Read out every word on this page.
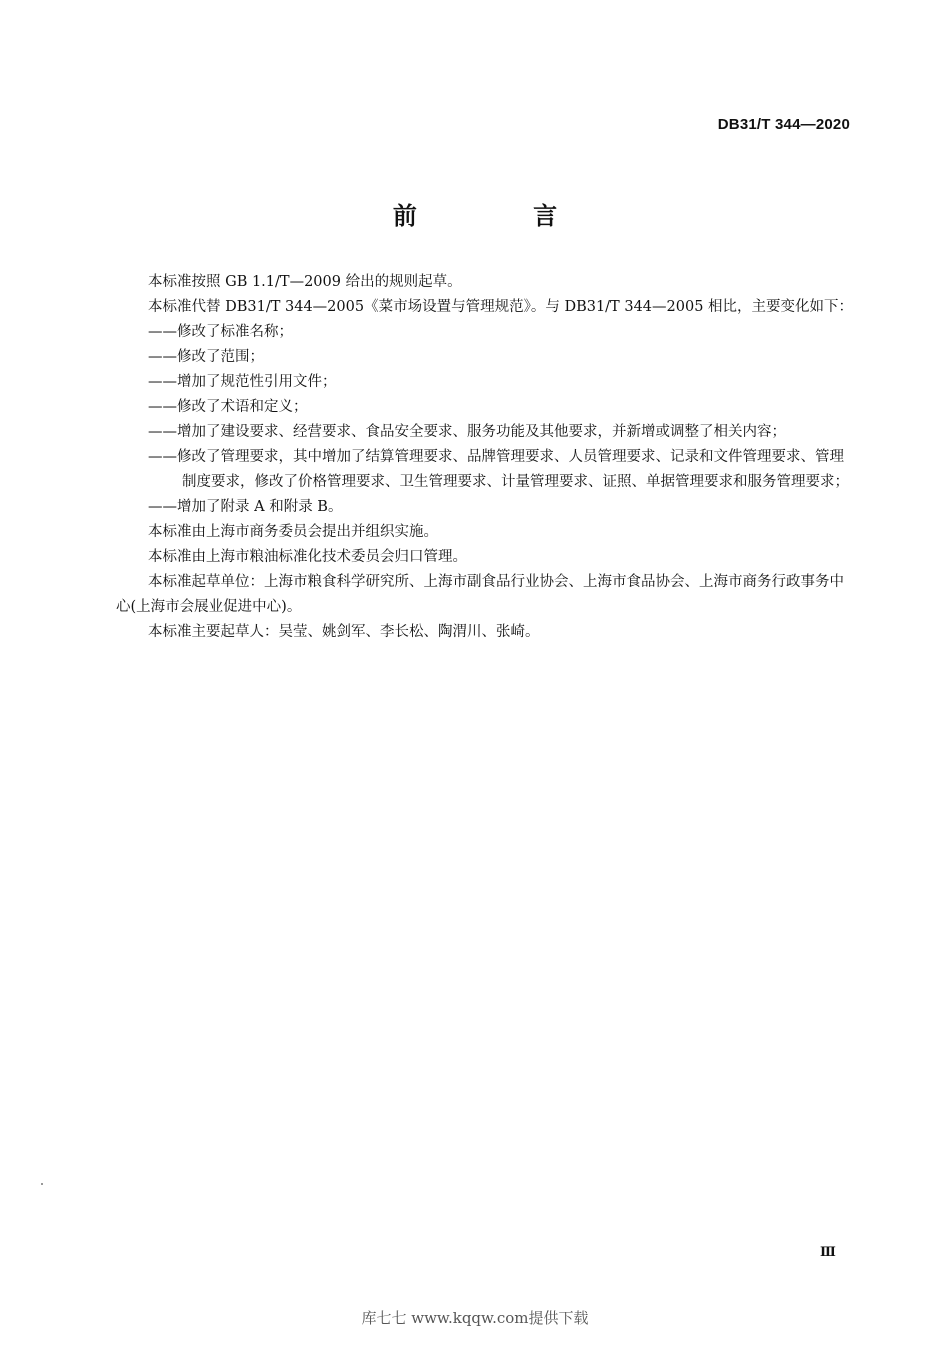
DB31/T 344—2020
前 言

本标准按照 GB 1.1/T—2009 给出的规则起草。

本标准代替 DB31/T 344—2005《菜市场设置与管理规范》。与 DB31/T 344—2005 相比，主要变化如下：

——修改了标准名称；

——修改了范围；

——增加了规范性引用文件；

——修改了术语和定义；

——增加了建设要求、经营要求、食品安全要求、服务功能及其他要求，并新增或调整了相关内容；

——修改了管理要求，其中增加了结算管理要求、品牌管理要求、人员管理要求、记录和文件管理要求、管理制度要求，修改了价格管理要求、卫生管理要求、计量管理要求、证照、单据管理要求和服务管理要求；

——增加了附录 A 和附录 B。

本标准由上海市商务委员会提出并组织实施。

本标准由上海市粮油标准化技术委员会归口管理。

本标准起草单位：上海市粮食科学研究所、上海市副食品行业协会、上海市食品协会、上海市商务行政事务中心(上海市会展业促进中心)。

本标准主要起草人：吴莹、姚剑军、李长松、陶渭川、张崎。

Ⅲ
库七七 www.kqqw.com提供下载
